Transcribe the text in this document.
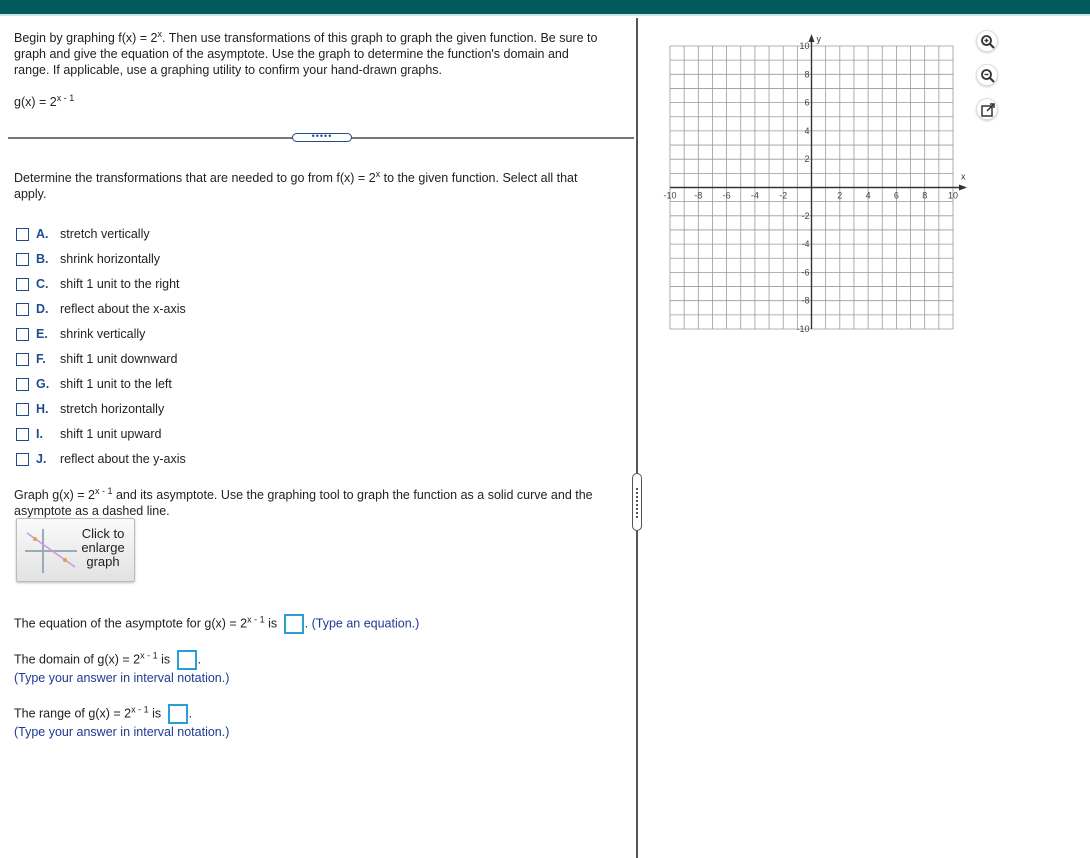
Begin by graphing $f(x) = 2^x$. Then use transformations of this graph to graph the given function. Be sure to
graph and give the equation of the asymptote. Use the graph to determine the function's domain and
range. If applicable, use a graphing utility to confirm your hand-drawn graphs.
$g(x) = 2^{x - 1}$
•••••
Determine the transformations that are needed to go from $f(x) = 2^x$ to the given function. Select all that
apply.
A. stretch vertically
B. shrink horizontally
C. shift 1 unit to the right
D. reflect about the x-axis
E. shrink vertically
F.	shift 1 unit downward
G. shift 1 unit to the left
H. stretch horizontally
I.	shift 1 unit upward
J.	reflect about the y-axis
Graph $g(x) = 2^{x - 1}$ and its asymptote. Use the graphing tool to graph the function as a solid curve and the
asymptote as a dashed line.
Click to
enlarge
graph
The equation of the asymptote for $g(x) = 2^{x - 1}$ is . (Type an equation.)
The domain of $g(x) = 2^{x - 1}$ is .
(Type your answer in interval notation.)
The range of $g(x) = 2^{x - 1}$ is .
(Type your answer in interval notation.)
x
y
-10 -8 -6 -4 -2	2	4	6	8 10
10
8
6
4
2
-2
-4
-6
-8
-10
